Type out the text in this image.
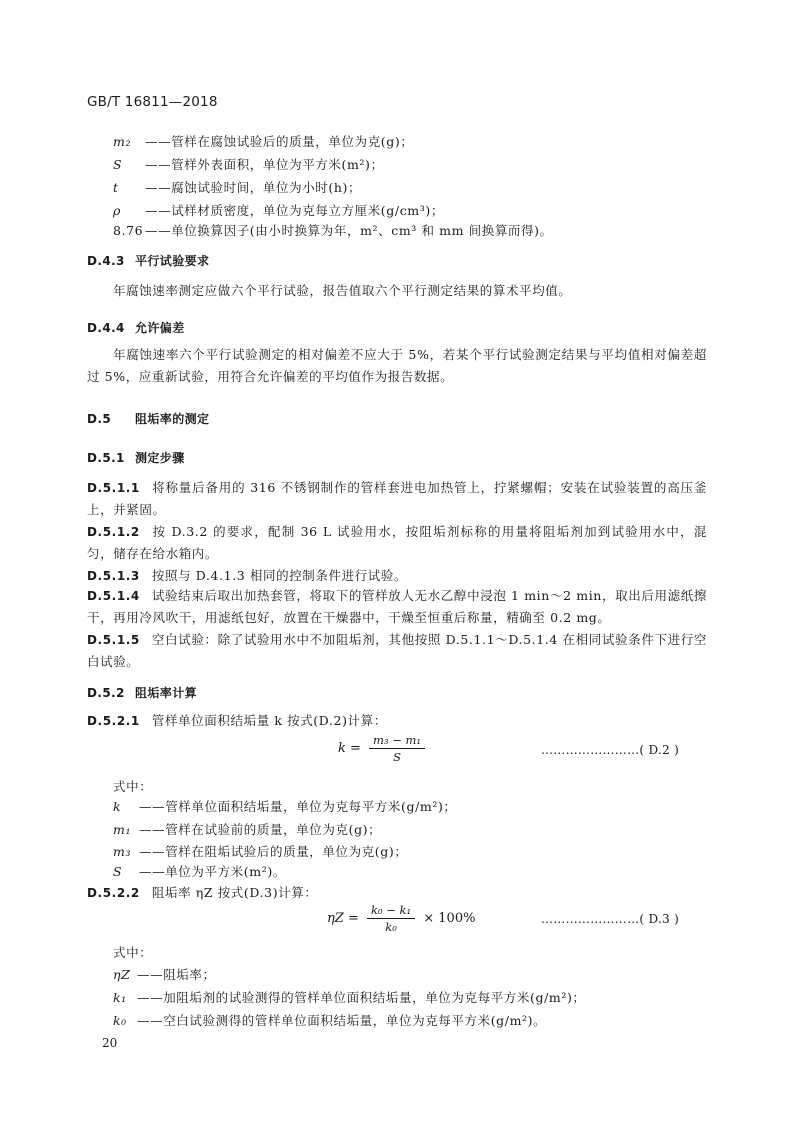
GB/T 16811—2018
m₂ ——管样在腐蚀试验后的质量，单位为克(g)；
S ——管样外表面积，单位为平方米(m²)；
t ——腐蚀试验时间，单位为小时(h)；
ρ ——试样材质密度，单位为克每立方厘米(g/cm³)；
8.76 ——单位换算因子(由小时换算为年，m²、cm³ 和 mm 间换算而得)。
D.4.3 平行试验要求
年腐蚀速率测定应做六个平行试验，报告值取六个平行测定结果的算术平均值。
D.4.4 允许偏差
年腐蚀速率六个平行试验测定的相对偏差不应大于 5%，若某个平行试验测定结果与平均值相对偏差超过 5%，应重新试验，用符合允许偏差的平均值作为报告数据。
D.5 阻垢率的测定
D.5.1 测定步骤
D.5.1.1 将称量后备用的 316 不锈钢制作的管样套进电加热管上，拧紧螺帽；安装在试验装置的高压釜上，并紧固。
D.5.1.2 按 D.3.2 的要求，配制 36 L 试验用水，按阻垢剂标称的用量将阻垢剂加到试验用水中，混匀，储存在给水箱内。
D.5.1.3 按照与 D.4.1.3 相同的控制条件进行试验。
D.5.1.4 试验结束后取出加热套管，将取下的管样放人无水乙醇中浸泡 1 min～2 min，取出后用滤纸擦干，再用冷风吹干，用滤纸包好，放置在干燥器中，干燥至恒重后称量，精确至 0.2 mg。
D.5.1.5 空白试验：除了试验用水中不加阻垢剂，其他按照 D.5.1.1～D.5.1.4 在相同试验条件下进行空白试验。
D.5.2 阻垢率计算
D.5.2.1 管样单位面积结垢量 k 按式(D.2)计算：
$k = \frac{\text{m₃ − m₁}}{S}$	……………………( D.2 )
式中：
k ——管样单位面积结垢量，单位为克每平方米(g/m²)；
m₁ ——管样在试验前的质量，单位为克(g)；
m₃ ——管样在阻垢试验后的质量，单位为克(g)；
S ——单位为平方米(m²)。
D.5.2.2 阻垢率 ηZ 按式(D.3)计算：
$\eta Z = \frac{\text{k₀ − k₁}}{\text{k₀}} \times 100\%$	……………………( D.3 )
式中：
ηZ ——阻垢率；
k₁ ——加阻垢剂的试验测得的管样单位面积结垢量，单位为克每平方米(g/m²)；
k₀ ——空白试验测得的管样单位面积结垢量，单位为克每平方米(g/m²)。
20
